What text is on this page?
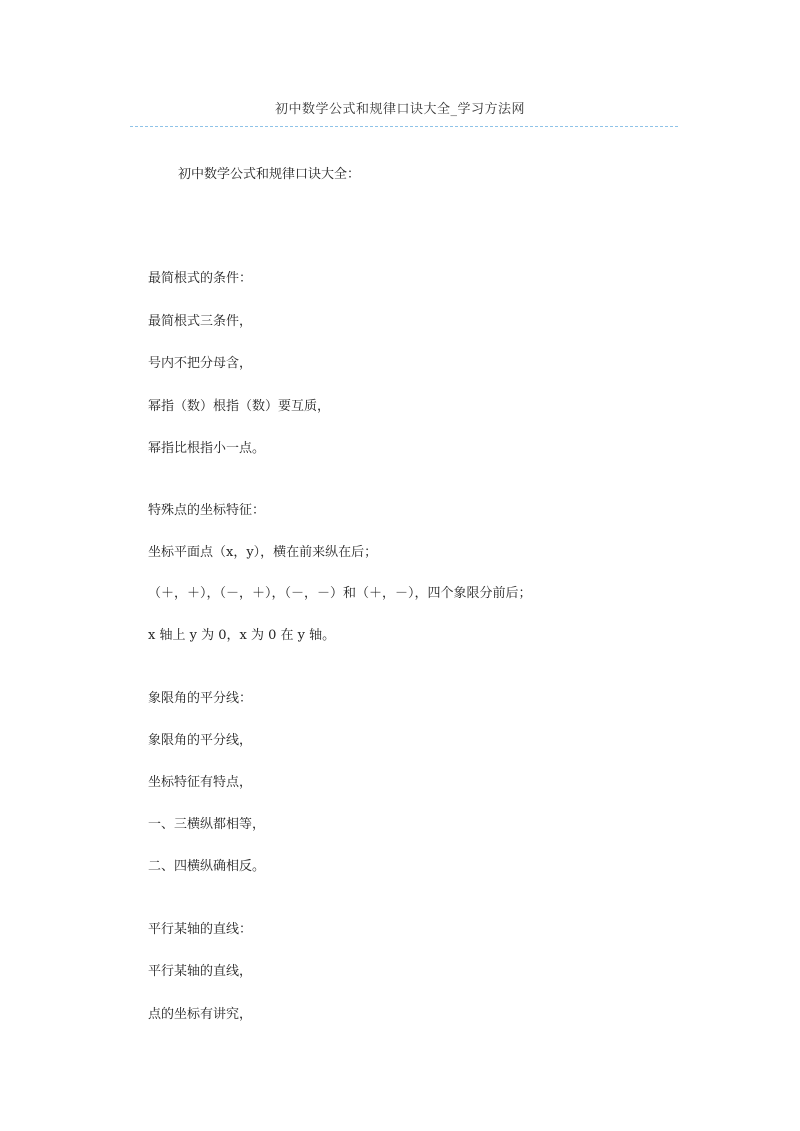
初中数学公式和规律口诀大全_学习方法网
初中数学公式和规律口诀大全：
最简根式的条件：
最简根式三条件，
号内不把分母含，
幂指（数）根指（数）要互质，
幂指比根指小一点。
特殊点的坐标特征：
坐标平面点（x，y），横在前来纵在后；
（＋，＋），（－，＋），（－，－）和（＋，－），四个象限分前后；
x 轴上 y 为 0，x 为 0 在 y 轴。
象限角的平分线：
象限角的平分线，
坐标特征有特点，
一、三横纵都相等，
二、四横纵确相反。
平行某轴的直线：
平行某轴的直线，
点的坐标有讲究，
